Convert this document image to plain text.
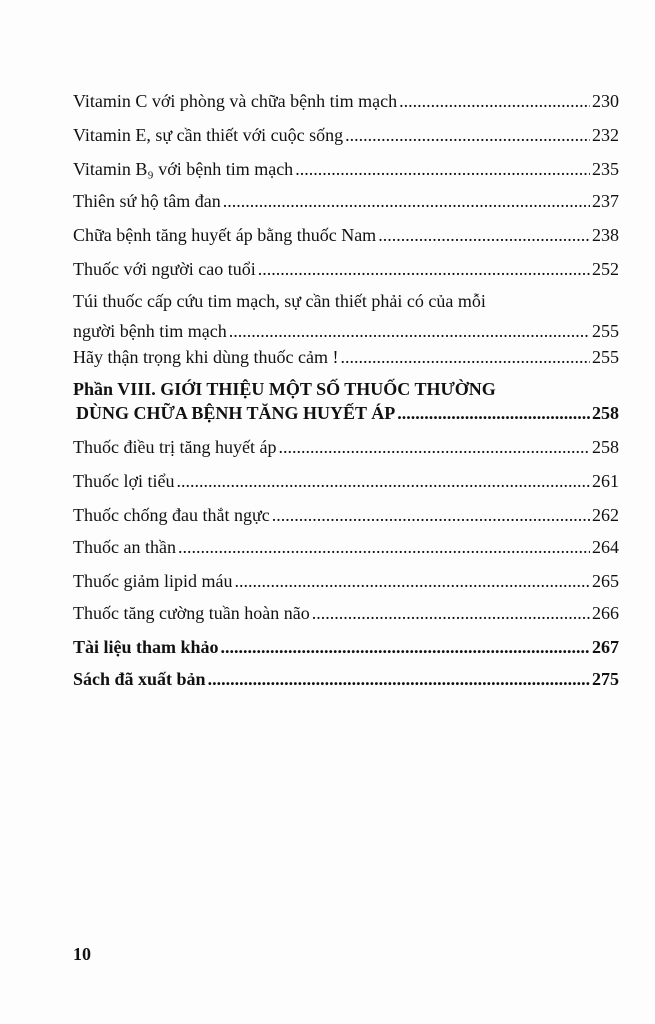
Vitamin C với phòng và chữa bệnh tim mạch .....	230
Vitamin E, sự cần thiết với cuộc sống .....	232
Vitamin B₉ với bệnh tim mạch .....	235
Thiên sứ hộ tâm đan .....	237
Chữa bệnh tăng huyết áp bằng thuốc Nam .....	238
Thuốc với người cao tuổi .....	252
Túi thuốc cấp cứu tim mạch, sự cần thiết phải có của mỗi
người bệnh tim mạch .....	255
Hãy thận trọng khi dùng thuốc cảm ! .....	255
Phần VIII. GIỚI THIỆU MỘT SỐ THUỐC THƯỜNG
DÙNG CHỮA BỆNH TĂNG HUYẾT ÁP .....	258
Thuốc điều trị tăng huyết áp .....	258
Thuốc lợi tiểu .....	261
Thuốc chống đau thắt ngực .....	262
Thuốc an thần .....	264
Thuốc giảm lipid máu .....	265
Thuốc tăng cường tuần hoàn não .....	266
Tài liệu tham khảo .....	267
Sách đã xuất bản .....	275
10
